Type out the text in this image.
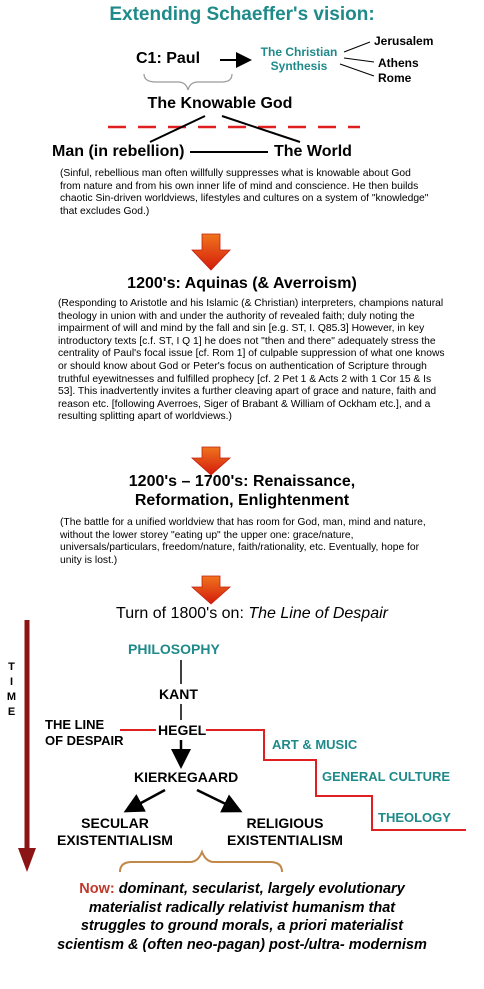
Extending Schaeffer's vision:
C1: Paul	The Christian Synthesis
Jerusalem
Athens
Rome
The Knowable God
Man (in rebellion)	The World
(Sinful, rebellious man often willfully suppresses what is knowable about God from nature and from his own inner life of mind and conscience. He then builds chaotic Sin-driven worldviews, lifestyles and cultures on a system of "knowledge" that excludes God.)
1200's: Aquinas (& Averroism)
(Responding to Aristotle and his Islamic (& Christian) interpreters, champions natural theology in union with and under the authority of revealed faith; duly noting the impairment of will and mind by the fall and sin [e.g. ST, I. Q85.3] However, in key introductory texts [c.f. ST, I Q 1] he does not "then and there" adequately stress the centrality of Paul's focal issue [cf. Rom 1] of culpable suppression of what one knows or should know about God or Peter's focus on authentication of Scripture through truthful eyewitnesses and fulfilled prophecy [cf. 2 Pet 1 & Acts 2 with 1 Cor 15 & Is 53]. This inadvertently invites a further cleaving apart of grace and nature, faith and reason etc. [following Averroes, Siger of Brabant & William of Ockham etc.], and a resulting splitting apart of worldviews.)
1200's – 1700's: Renaissance,
Reformation, Enlightenment
(The battle for a unified worldview that has room for God, man, mind and nature, without the lower storey "eating up" the upper one: grace/nature, universals/particulars, freedom/nature, faith/rationality, etc. Eventually, hope for unity is lost.)
Turn of 1800's on: The Line of Despair
T
I
M
E
PHILOSOPHY
KANT
HEGEL
THE LINE
OF DESPAIR	ART & MUSIC
GENERAL CULTURE
THEOLOGY
KIERKEGAARD
SECULAR
EXISTENTIALISM
RELIGIOUS
EXISTENTIALISM
Now: dominant, secularist, largely evolutionary materialist radically relativist humanism that struggles to ground morals, a priori materialist scientism & (often neo-pagan) post-/ultra- modernism
